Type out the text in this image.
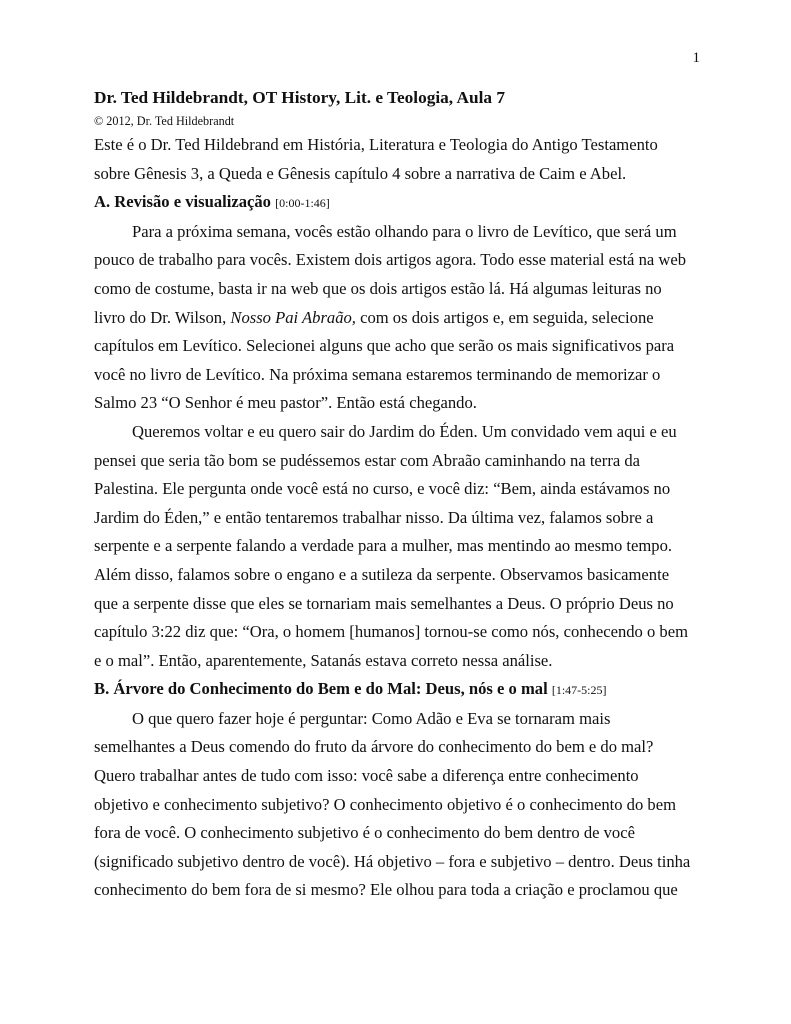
1

Dr. Ted Hildebrandt, OT History, Lit. e Teologia, Aula 7

© 2012, Dr. Ted Hildebrandt

Este é o Dr. Ted Hildebrand em História, Literatura e Teologia do Antigo Testamento
sobre Gênesis 3, a Queda e Gênesis capítulo 4 sobre a narrativa de Caim e Abel.

A. Revisão e visualização [0:00-1:46]

Para a próxima semana, vocês estão olhando para o livro de Levítico, que será um
pouco de trabalho para vocês. Existem dois artigos agora. Todo esse material está na web
como de costume, basta ir na web que os dois artigos estão lá. Há algumas leituras no
livro do Dr. Wilson, Nosso Pai Abraão, com os dois artigos e, em seguida, selecione
capítulos em Levítico. Selecionei alguns que acho que serão os mais significativos para
você no livro de Levítico. Na próxima semana estaremos terminando de memorizar o
Salmo 23 “O Senhor é meu pastor”. Então está chegando.

Queremos voltar e eu quero sair do Jardim do Éden. Um convidado vem aqui e eu
pensei que seria tão bom se pudéssemos estar com Abraão caminhando na terra da
Palestina. Ele pergunta onde você está no curso, e você diz: “Bem, ainda estávamos no
Jardim do Éden,” e então tentaremos trabalhar nisso. Da última vez, falamos sobre a
serpente e a serpente falando a verdade para a mulher, mas mentindo ao mesmo tempo.
Além disso, falamos sobre o engano e a sutileza da serpente. Observamos basicamente
que a serpente disse que eles se tornariam mais semelhantes a Deus. O próprio Deus no
capítulo 3:22 diz que: “Ora, o homem [humanos] tornou-se como nós, conhecendo o bem
e o mal”. Então, aparentemente, Satanás estava correto nessa análise.

B. Árvore do Conhecimento do Bem e do Mal: Deus, nós e o mal [1:47-5:25]

O que quero fazer hoje é perguntar: Como Adão e Eva se tornaram mais
semelhantes a Deus comendo do fruto da árvore do conhecimento do bem e do mal?
Quero trabalhar antes de tudo com isso: você sabe a diferença entre conhecimento
objetivo e conhecimento subjetivo? O conhecimento objetivo é o conhecimento do bem
fora de você. O conhecimento subjetivo é o conhecimento do bem dentro de você
(significado subjetivo dentro de você). Há objetivo – fora e subjetivo – dentro. Deus tinha
conhecimento do bem fora de si mesmo? Ele olhou para toda a criação e proclamou que
